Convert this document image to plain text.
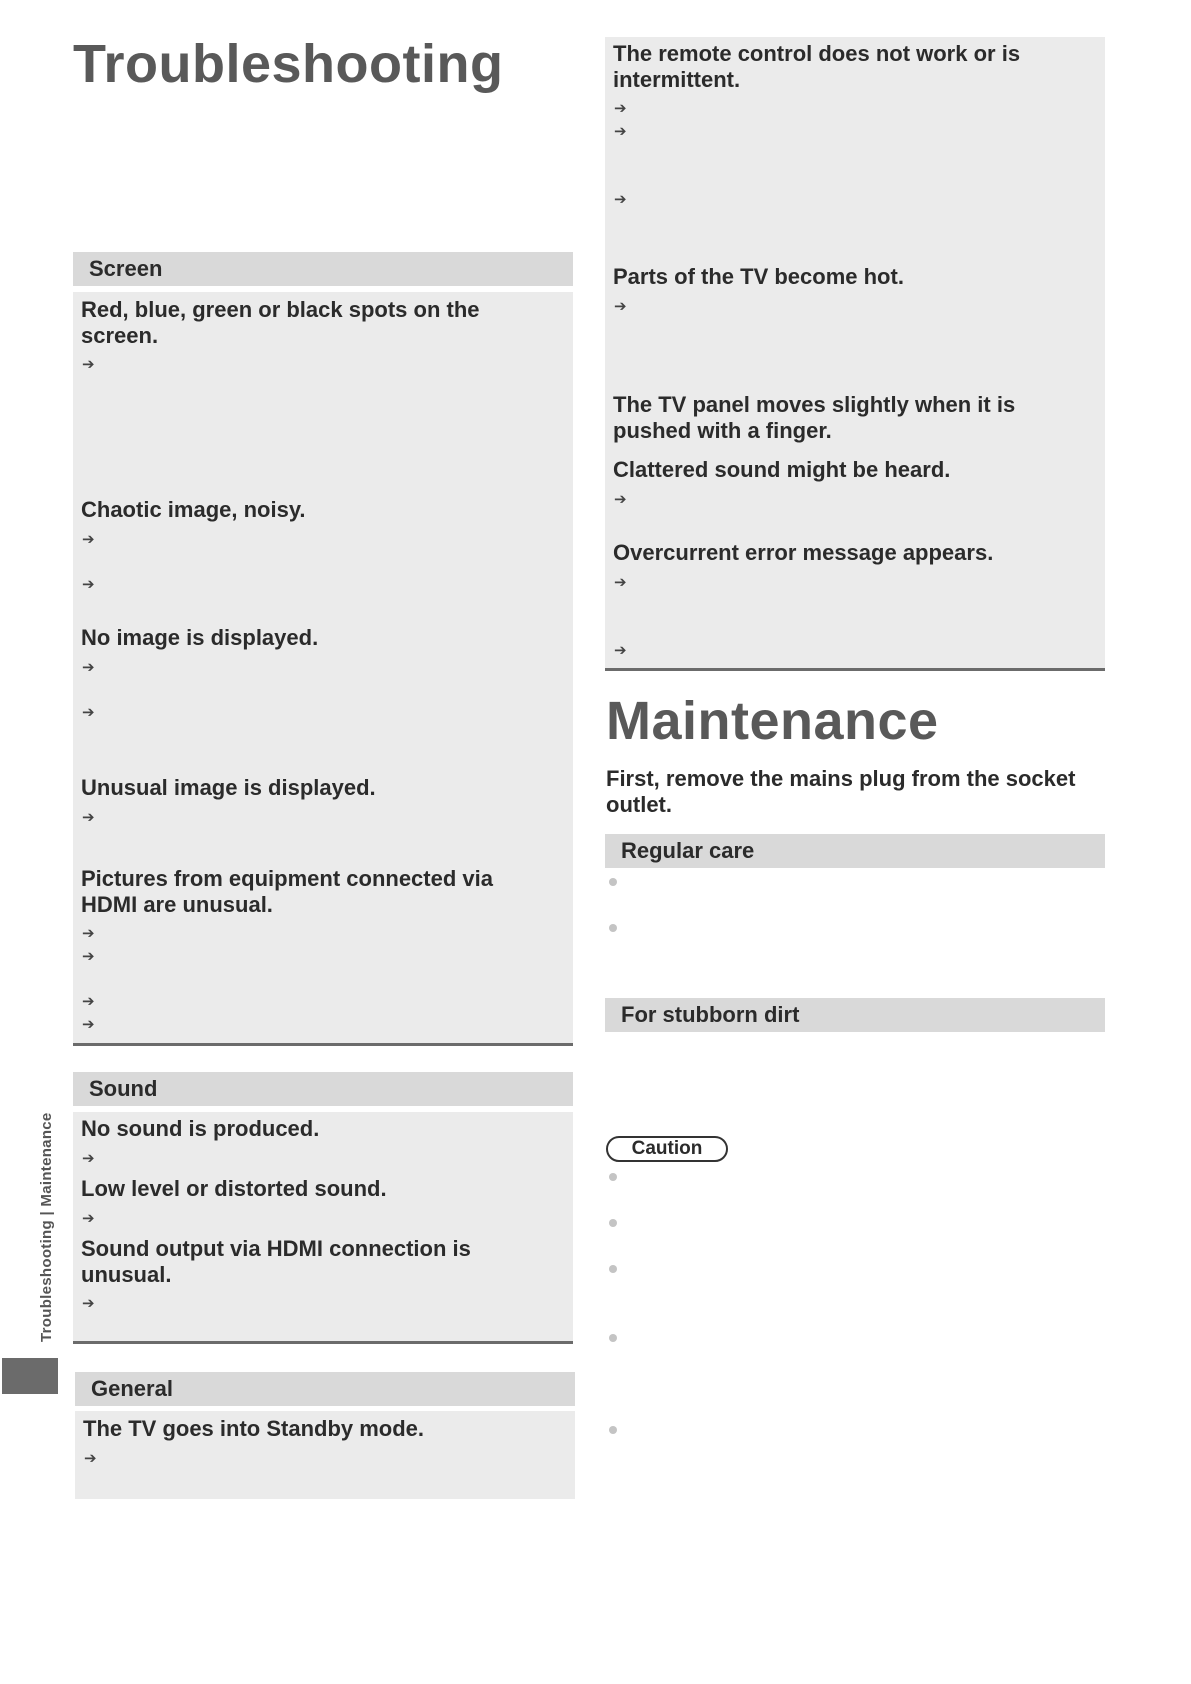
Troubleshooting
Screen
Red, blue, green or black spots on the screen.
➔
Chaotic image, noisy.
➔
➔
No image is displayed.
➔
➔
Unusual image is displayed.
➔
Pictures from equipment connected via HDMI are unusual.
➔
➔
➔
➔
Sound
No sound is produced.
➔
Low level or distorted sound.
➔
Sound output via HDMI connection is unusual.
➔
General
The TV goes into Standby mode.
➔
Troubleshooting | Maintenance
The remote control does not work or is intermittent.
➔
➔
➔
Parts of the TV become hot.
➔
The TV panel moves slightly when it is pushed with a finger.
Clattered sound might be heard.
➔
Overcurrent error message appears.
➔
➔
Maintenance
First, remove the mains plug from the socket outlet.
Regular care
For stubborn dirt
Caution
